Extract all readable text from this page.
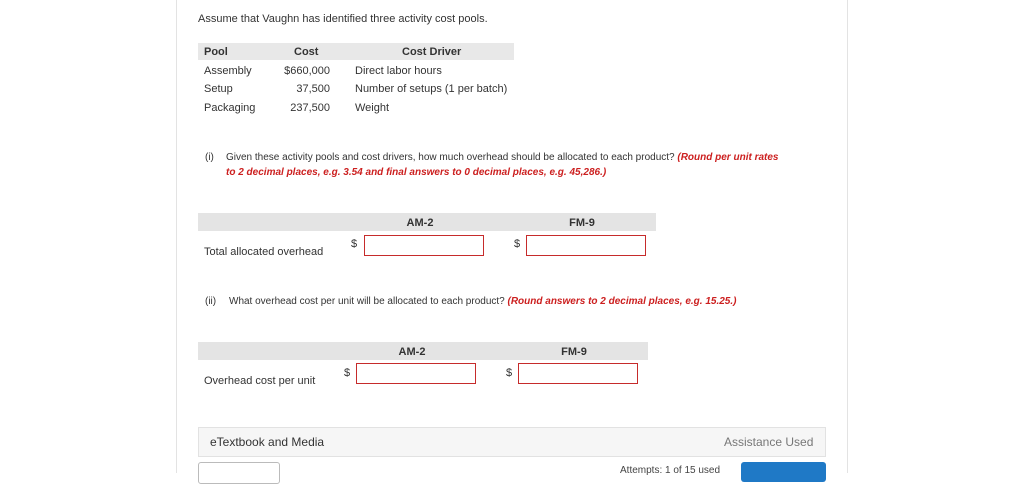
Assume that Vaughn has identified three activity cost pools.
Pool	Cost	Cost Driver
Assembly	$660,000 Direct labor hours
Setup	37,500 Number of setups (1 per batch)
Packaging	237,500 Weight
(i) Given these activity pools and cost drivers, how much overhead should be allocated to each product? (Round per unit rates
to 2 decimal places, e.g. 3.54 and final answers to 0 decimal places, e.g. 45,286.)
AM-2	FM-9
Total allocated overhead
$	$
(ii) What overhead cost per unit will be allocated to each product? (Round answers to 2 decimal places, e.g. 15.25.)
AM-2	FM-9
Overhead cost per unit
$	$
eTextbook and Media	Assistance Used
Attempts: 1 of 15 used
